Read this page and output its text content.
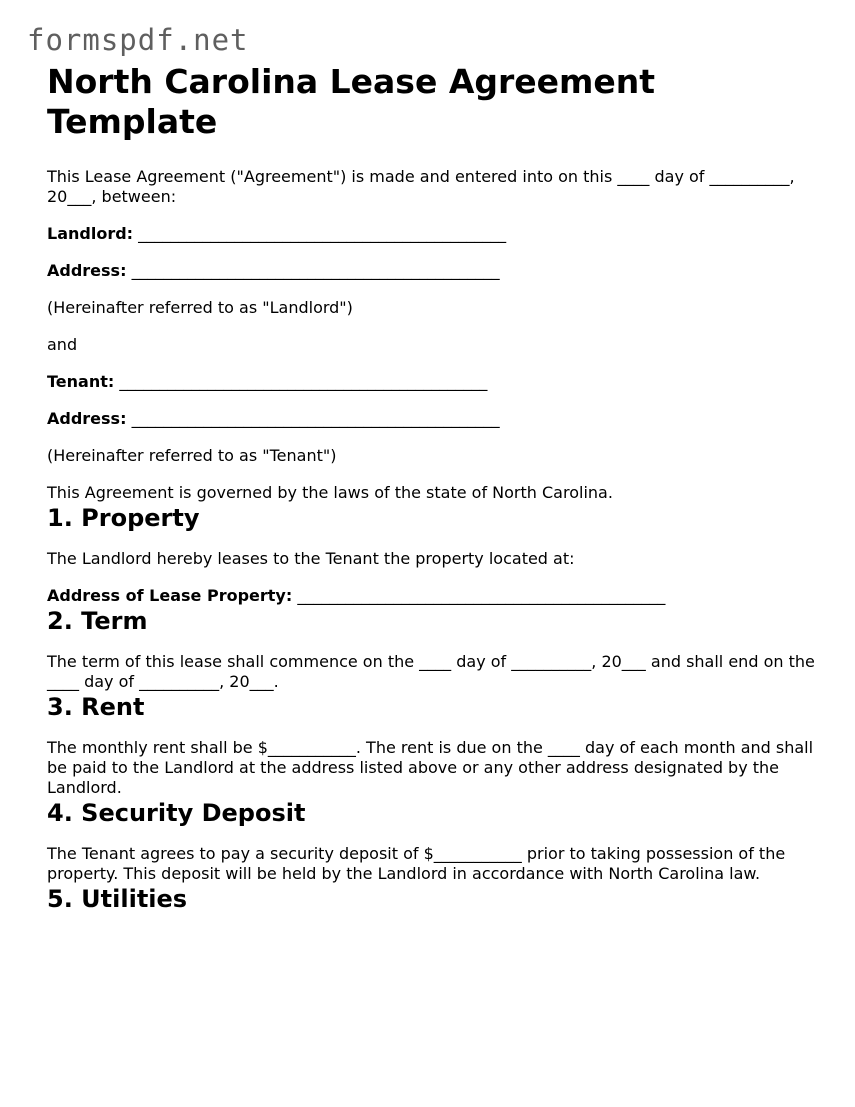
formspdf.net
North Carolina Lease Agreement Template

This Lease Agreement ("Agreement") is made and entered into on this ____ day of __________, 20___, between:

Landlord: ______________________________________________

Address: ______________________________________________

(Hereinafter referred to as "Landlord")

and

Tenant: ______________________________________________

Address: ______________________________________________

(Hereinafter referred to as "Tenant")

This Agreement is governed by the laws of the state of North Carolina.

1. Property

The Landlord hereby leases to the Tenant the property located at:

Address of Lease Property: ______________________________________________

2. Term

The term of this lease shall commence on the ____ day of __________, 20___ and shall end on the ____ day of __________, 20___.

3. Rent

The monthly rent shall be $___________. The rent is due on the ____ day of each month and shall be paid to the Landlord at the address listed above or any other address designated by the Landlord.

4. Security Deposit

The Tenant agrees to pay a security deposit of $___________ prior to taking possession of the property. This deposit will be held by the Landlord in accordance with North Carolina law.

5. Utilities
